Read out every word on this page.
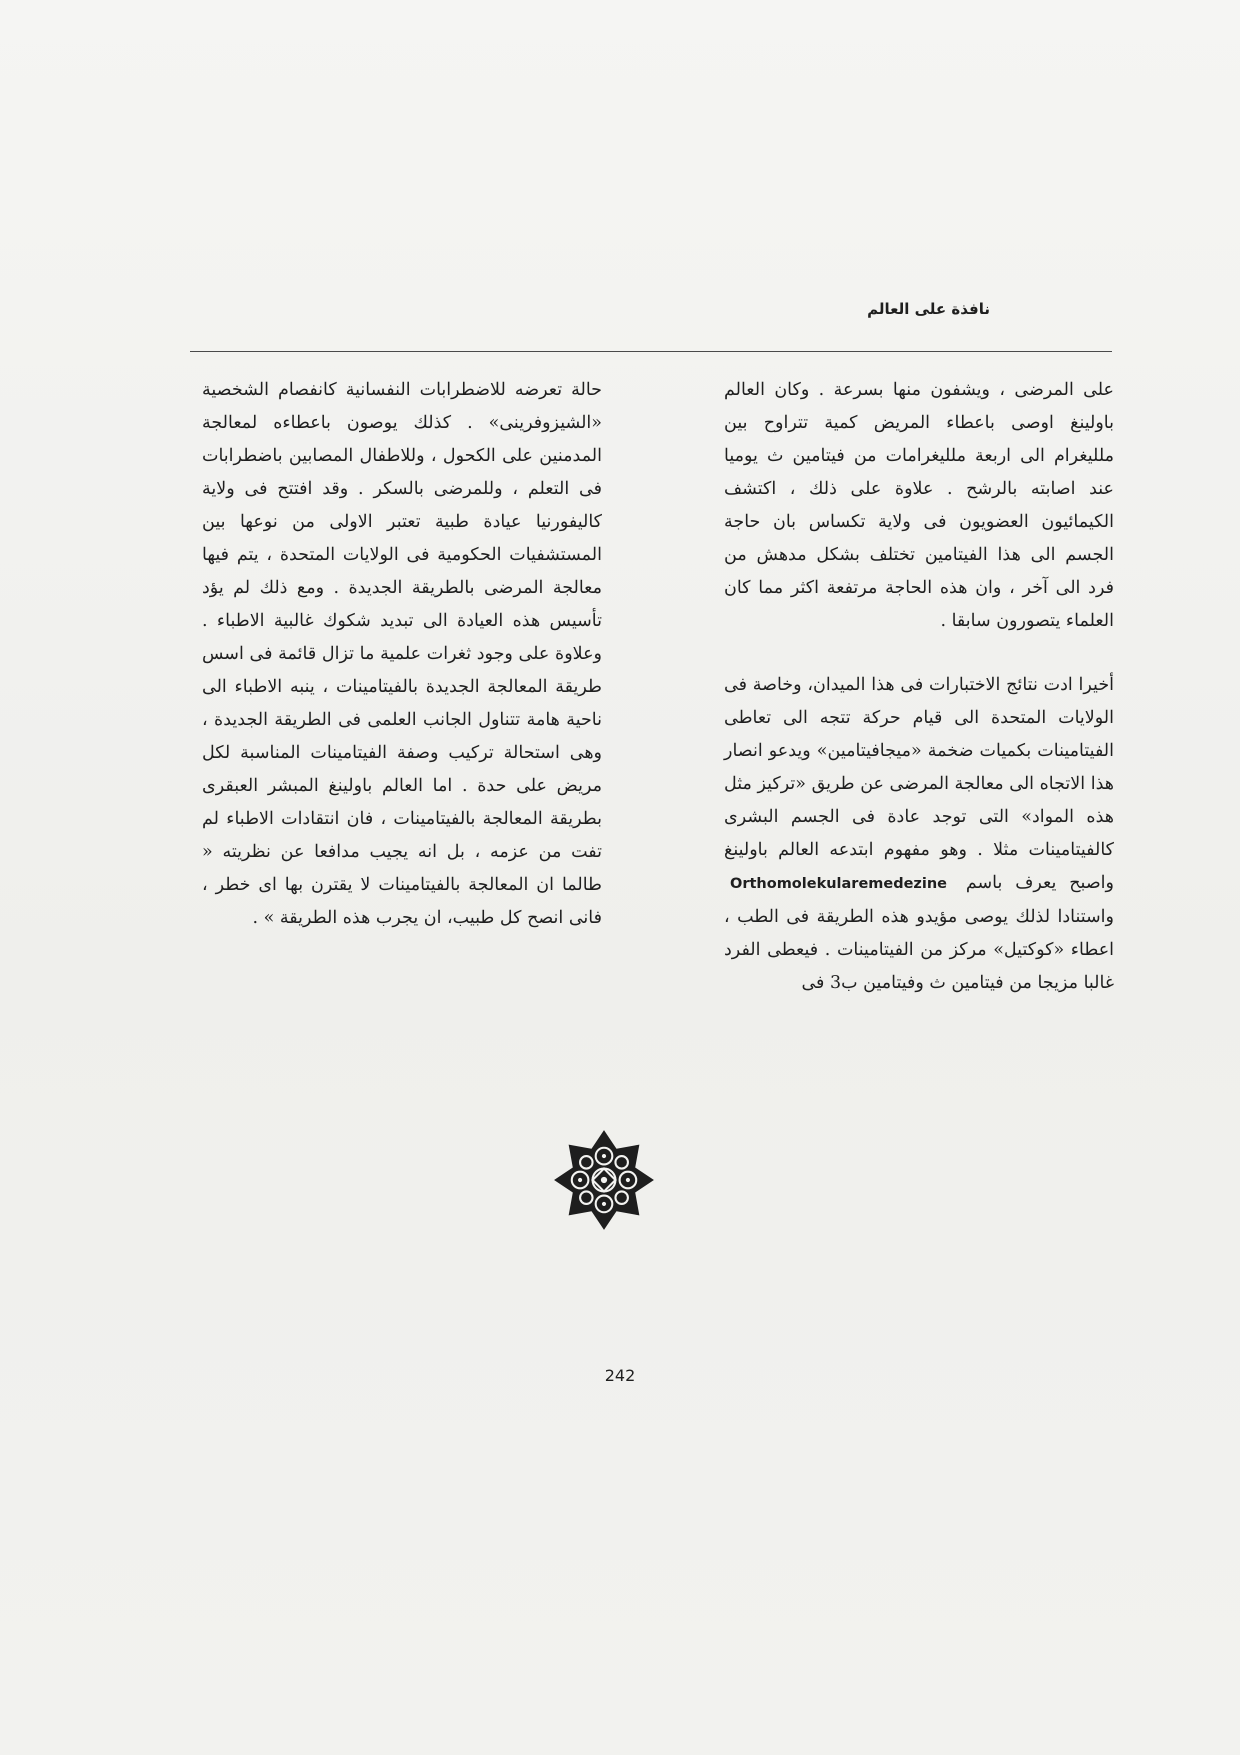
نافذة على العالم

على المرضى ، ويشفون منها بسرعة . وكان العالم باولينغ اوصى باعطاء المريض كمية تتراوح بين ملليغرام الى اربعة ملليغرامات من فيتامين ث يوميا عند اصابته بالرشح . علاوة على ذلك ، اكتشف الكيمائيون العضويون فى ولاية تكساس بان حاجة الجسم الى هذا الفيتامين تختلف بشكل مدهش من فرد الى آخر ، وان هذه الحاجة مرتفعة اكثر مما كان العلماء يتصورون سابقا .

أخيرا ادت نتائج الاختبارات فى هذا الميدان، وخاصة فى الولايات المتحدة الى قيام حركة تتجه الى تعاطى الفيتامينات بكميات ضخمة «ميجافيتامين» ويدعو انصار هذا الاتجاه الى معالجة المرضى عن طريق «تركيز مثل هذه المواد» التى توجد عادة فى الجسم البشرى كالفيتامينات مثلا . وهو مفهوم ابتدعه العالم باولينغ واصبح يعرف باسم Orthomolekularemedezine واستنادا لذلك يوصى مؤيدو هذه الطريقة فى الطب ، اعطاء «كوكتيل» مركز من الفيتامينات . فيعطى الفرد غالبا مزيجا من فيتامين ث وفيتامين ب3 فى

حالة تعرضه للاضطرابات النفسانية كانفصام الشخصية «الشيزوفرينى» . كذلك يوصون باعطاءه لمعالجة المدمنين على الكحول ، وللاطفال المصابين باضطرابات فى التعلم ، وللمرضى بالسكر . وقد افتتح فى ولاية كاليفورنيا عيادة طبية تعتبر الاولى من نوعها بين المستشفيات الحكومية فى الولايات المتحدة ، يتم فيها معالجة المرضى بالطريقة الجديدة . ومع ذلك لم يؤد تأسيس هذه العيادة الى تبديد شكوك غالبية الاطباء . وعلاوة على وجود ثغرات علمية ما تزال قائمة فى اسس طريقة المعالجة الجديدة بالفيتامينات ، ينبه الاطباء الى ناحية هامة تتناول الجانب العلمى فى الطريقة الجديدة ، وهى استحالة تركيب وصفة الفيتامينات المناسبة لكل مريض على حدة . اما العالم باولينغ المبشر العبقرى بطريقة المعالجة بالفيتامينات ، فان انتقادات الاطباء لم تفت من عزمه ، بل انه يجيب مدافعا عن نظريته « طالما ان المعالجة بالفيتامينات لا يقترن بها اى خطر ، فانى انصح كل طبيب، ان يجرب هذه الطريقة » .

242
